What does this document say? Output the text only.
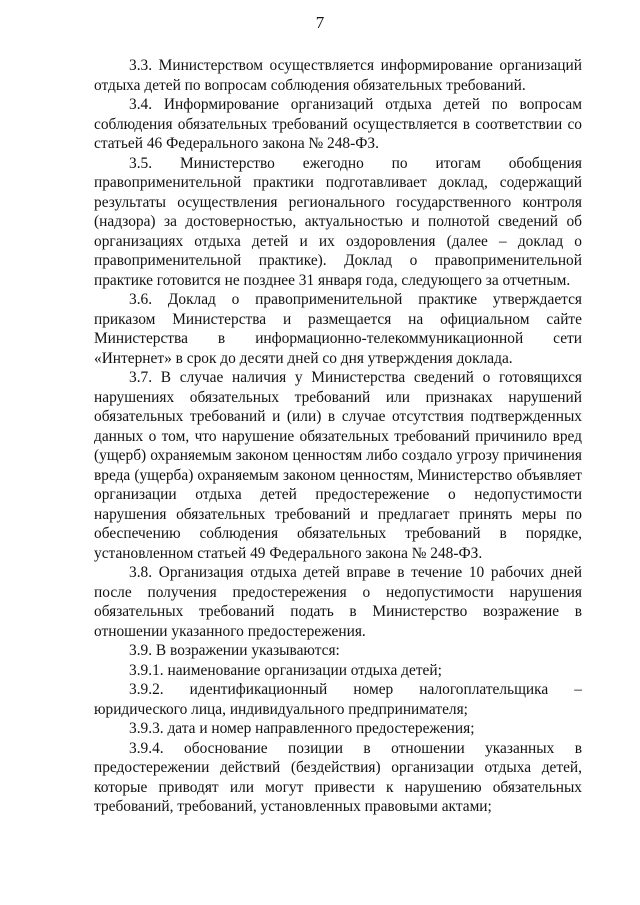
7

3.3. Министерством осуществляется информирование организаций отдыха детей по вопросам соблюдения обязательных требований.

3.4. Информирование организаций отдыха детей по вопросам соблюдения обязательных требований осуществляется в соответствии со статьей 46 Федерального закона № 248-ФЗ.

3.5. Министерство ежегодно по итогам обобщения правоприменительной практики подготавливает доклад, содержащий результаты осуществления регионального государственного контроля (надзора) за достоверностью, актуальностью и полнотой сведений об организациях отдыха детей и их оздоровления (далее – доклад о правоприменительной практике). Доклад о правоприменительной практике готовится не позднее 31 января года, следующего за отчетным.

3.6. Доклад о правоприменительной практике утверждается приказом Министерства и размещается на официальном сайте Министерства в информационно-телекоммуникационной сети «Интернет» в срок до десяти дней со дня утверждения доклада.

3.7. В случае наличия у Министерства сведений о готовящихся нарушениях обязательных требований или признаках нарушений обязательных требований и (или) в случае отсутствия подтвержденных данных о том, что нарушение обязательных требований причинило вред (ущерб) охраняемым законом ценностям либо создало угрозу причинения вреда (ущерба) охраняемым законом ценностям, Министерство объявляет организации отдыха детей предостережение о недопустимости нарушения обязательных требований и предлагает принять меры по обеспечению соблюдения обязательных требований в порядке, установленном статьей 49 Федерального закона № 248-ФЗ.

3.8. Организация отдыха детей вправе в течение 10 рабочих дней после получения предостережения о недопустимости нарушения обязательных требований подать в Министерство возражение в отношении указанного предостережения.

3.9. В возражении указываются:

3.9.1. наименование организации отдыха детей;

3.9.2. идентификационный номер налогоплательщика – юридического лица, индивидуального предпринимателя;

3.9.3. дата и номер направленного предостережения;

3.9.4. обоснование позиции в отношении указанных в предостережении действий (бездействия) организации отдыха детей, которые приводят или могут привести к нарушению обязательных требований, требований, установленных правовыми актами;
